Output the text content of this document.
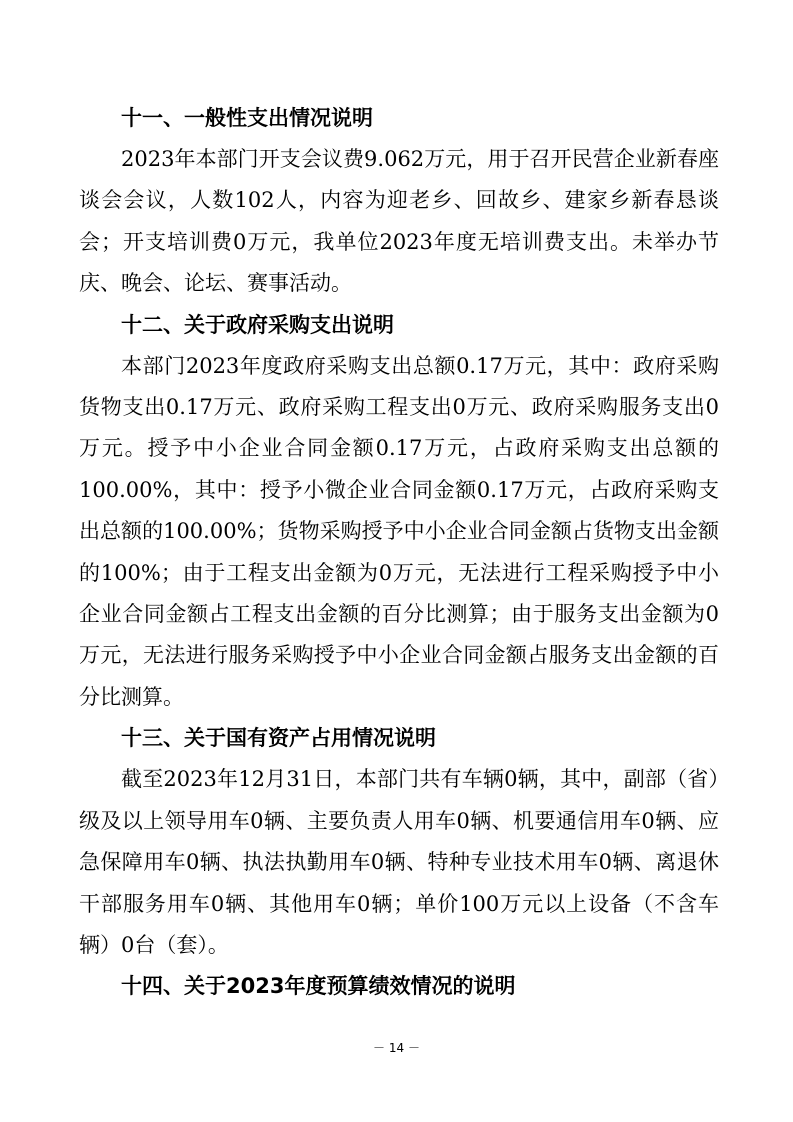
十一、一般性支出情况说明

2023年本部门开支会议费9.062万元，用于召开民营企业新春座谈会会议，人数102人，内容为迎老乡、回故乡、建家乡新春恳谈会；开支培训费0万元，我单位2023年度无培训费支出。未举办节庆、晚会、论坛、赛事活动。

十二、关于政府采购支出说明

本部门2023年度政府采购支出总额0.17万元，其中：政府采购货物支出0.17万元、政府采购工程支出0万元、政府采购服务支出0万元。授予中小企业合同金额0.17万元，占政府采购支出总额的100.00%，其中：授予小微企业合同金额0.17万元，占政府采购支出总额的100.00%；货物采购授予中小企业合同金额占货物支出金额的100%；由于工程支出金额为0万元，无法进行工程采购授予中小企业合同金额占工程支出金额的百分比测算；由于服务支出金额为0万元，无法进行服务采购授予中小企业合同金额占服务支出金额的百分比测算。

十三、关于国有资产占用情况说明

截至2023年12月31日，本部门共有车辆0辆，其中，副部（省）级及以上领导用车0辆、主要负责人用车0辆、机要通信用车0辆、应急保障用车0辆、执法执勤用车0辆、特种专业技术用车0辆、离退休干部服务用车0辆、其他用车0辆；单价100万元以上设备（不含车辆）0台（套）。

十四、关于2023年度预算绩效情况的说明
－ 14 －
